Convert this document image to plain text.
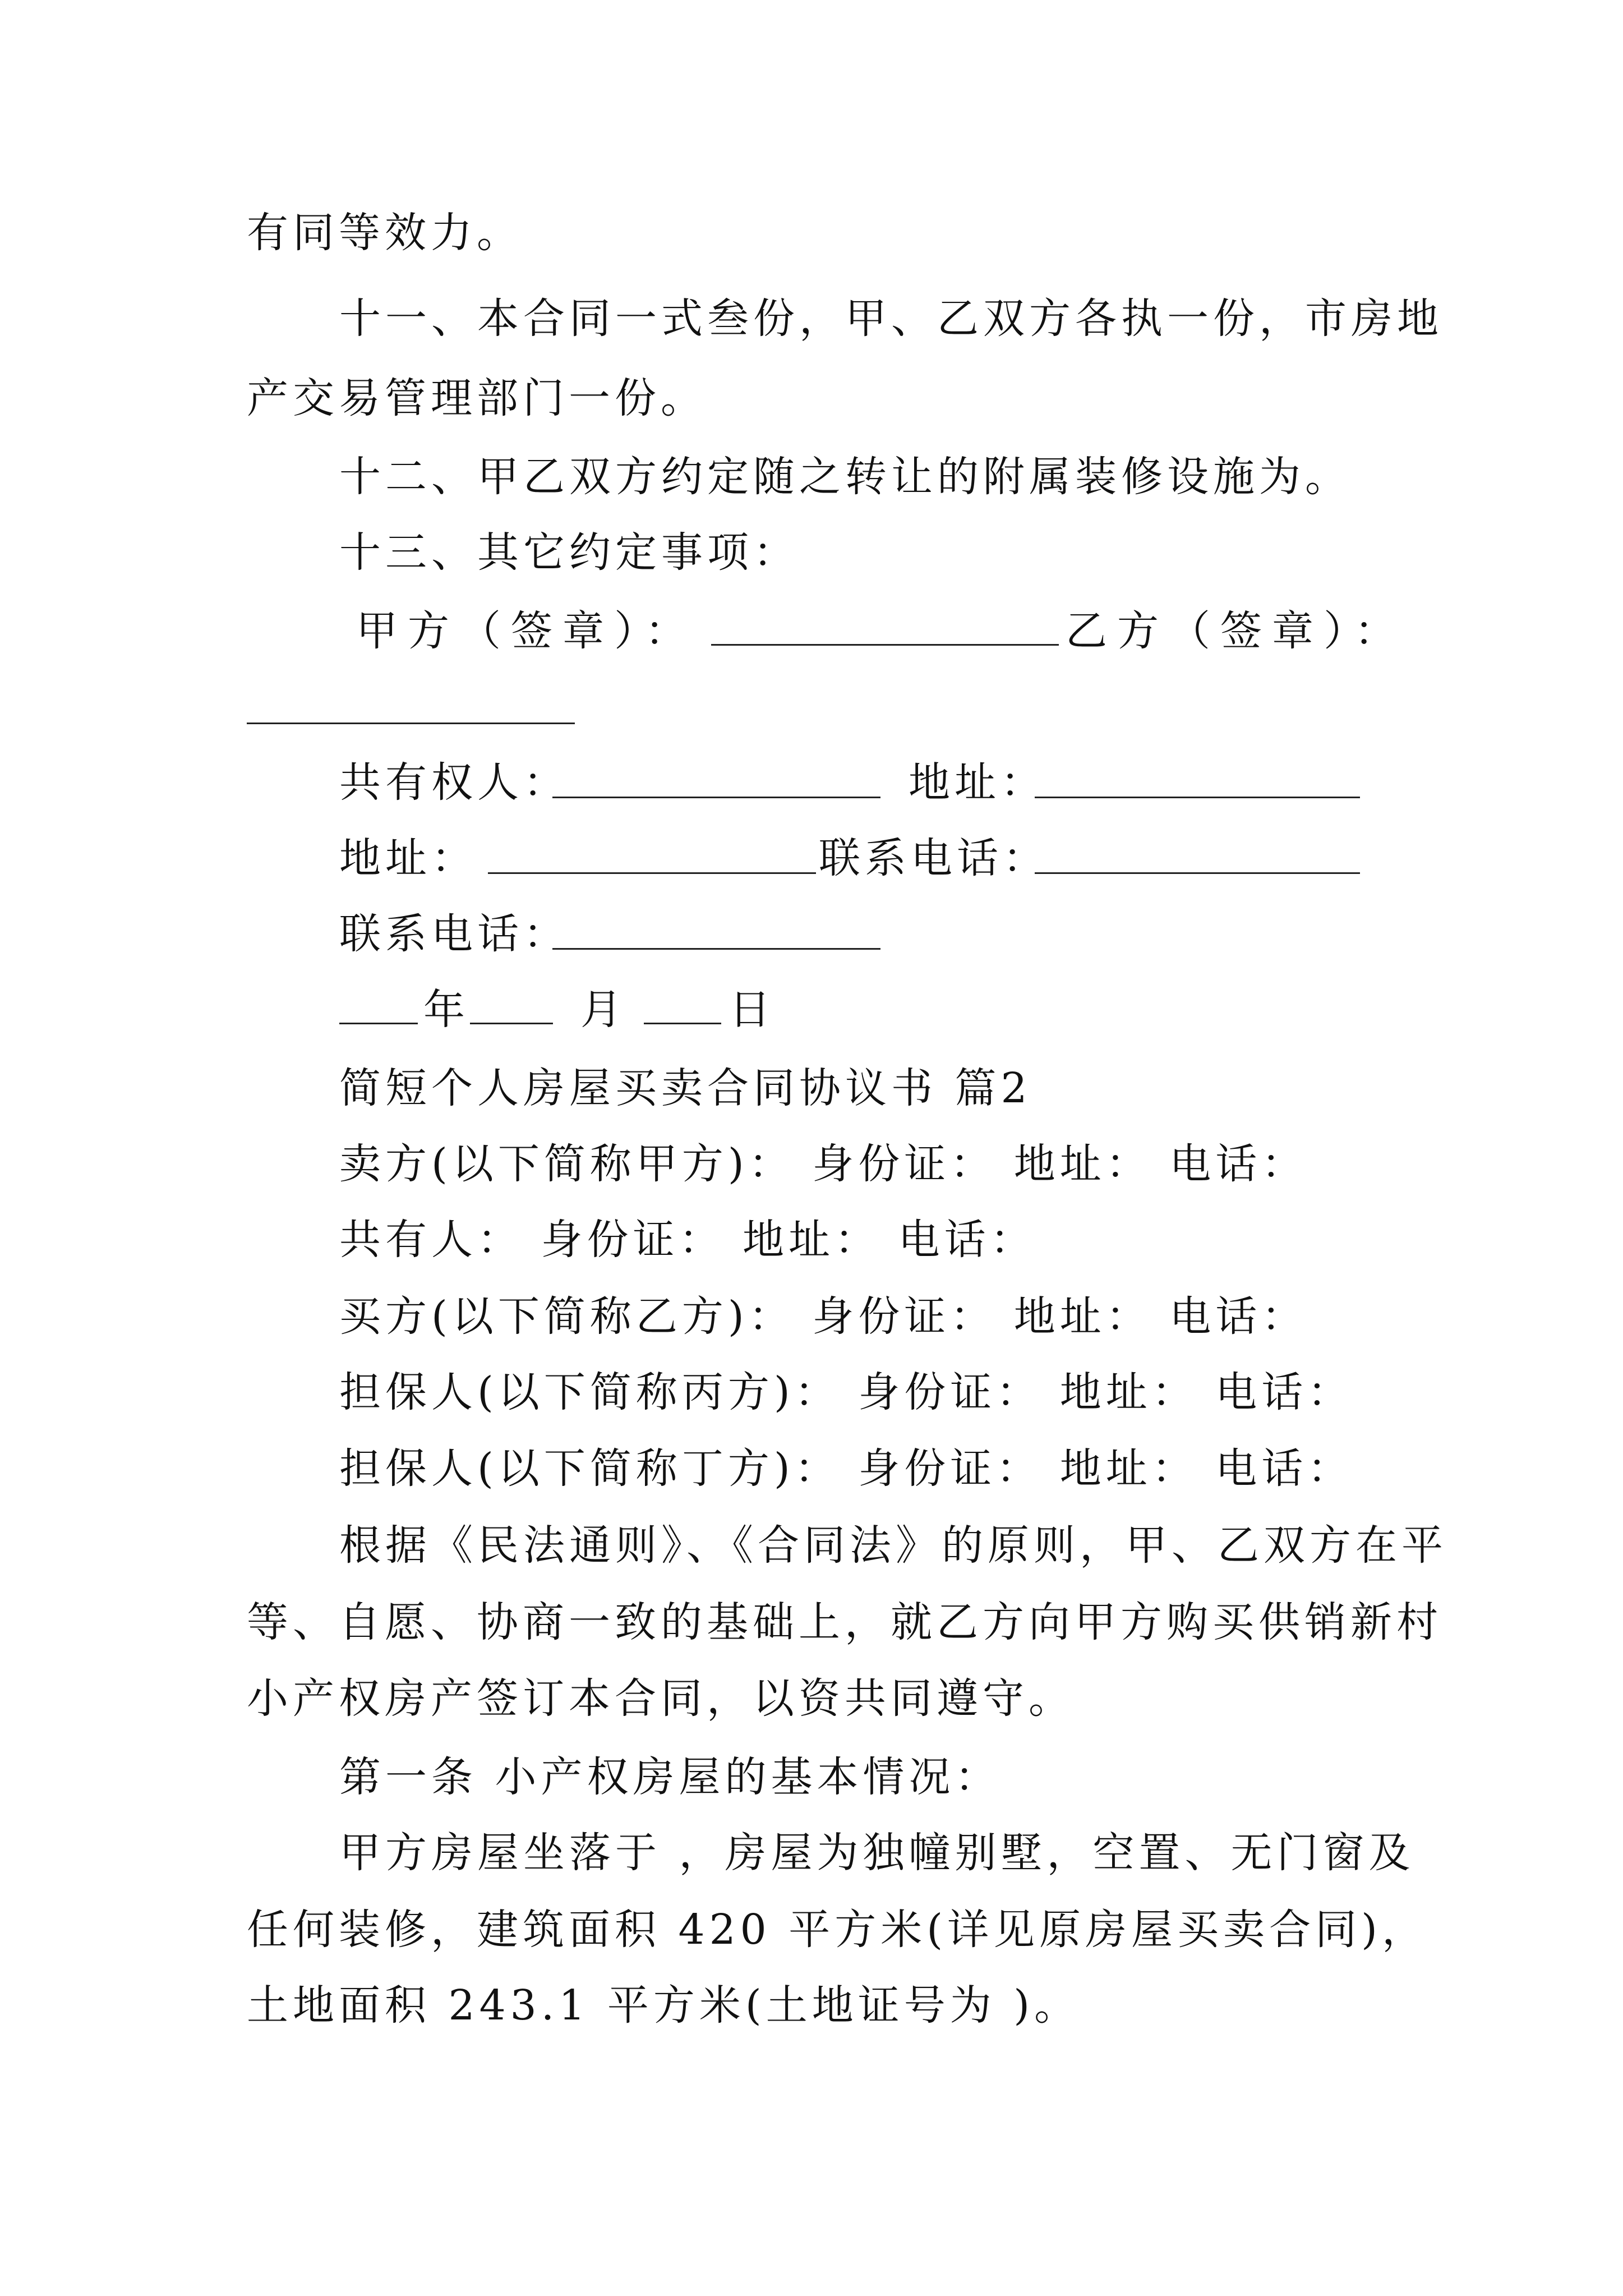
有同等效力。
十一、本合同一式叁份，甲、乙双方各执一份，市房地
产交易管理部门一份。
十二、甲乙双方约定随之转让的附属装修设施为。
十三、其它约定事项：
甲方（签章）：	乙方（签章）：
共有权人：	地址：
地址：	联系电话：
联系电话：
年	月 日
简短个人房屋买卖合同协议书 篇2
卖方(以下简称甲方)： 身份证： 地址： 电话：
共有人： 身份证： 地址： 电话：
买方(以下简称乙方)： 身份证： 地址： 电话：
担保人(以下简称丙方)： 身份证： 地址： 电话：
担保人(以下简称丁方)： 身份证： 地址： 电话：
根据《民法通则》、《合同法》的原则，甲、乙双方在平
等、自愿、协商一致的基础上，就乙方向甲方购买供销新村
小产权房产签订本合同，以资共同遵守。
第一条 小产权房屋的基本情况：
甲方房屋坐落于 ，房屋为独幢别墅，空置、无门窗及
任何装修，建筑面积 420 平方米(详见原房屋买卖合同)，
土地面积 243.1 平方米(土地证号为 )。
